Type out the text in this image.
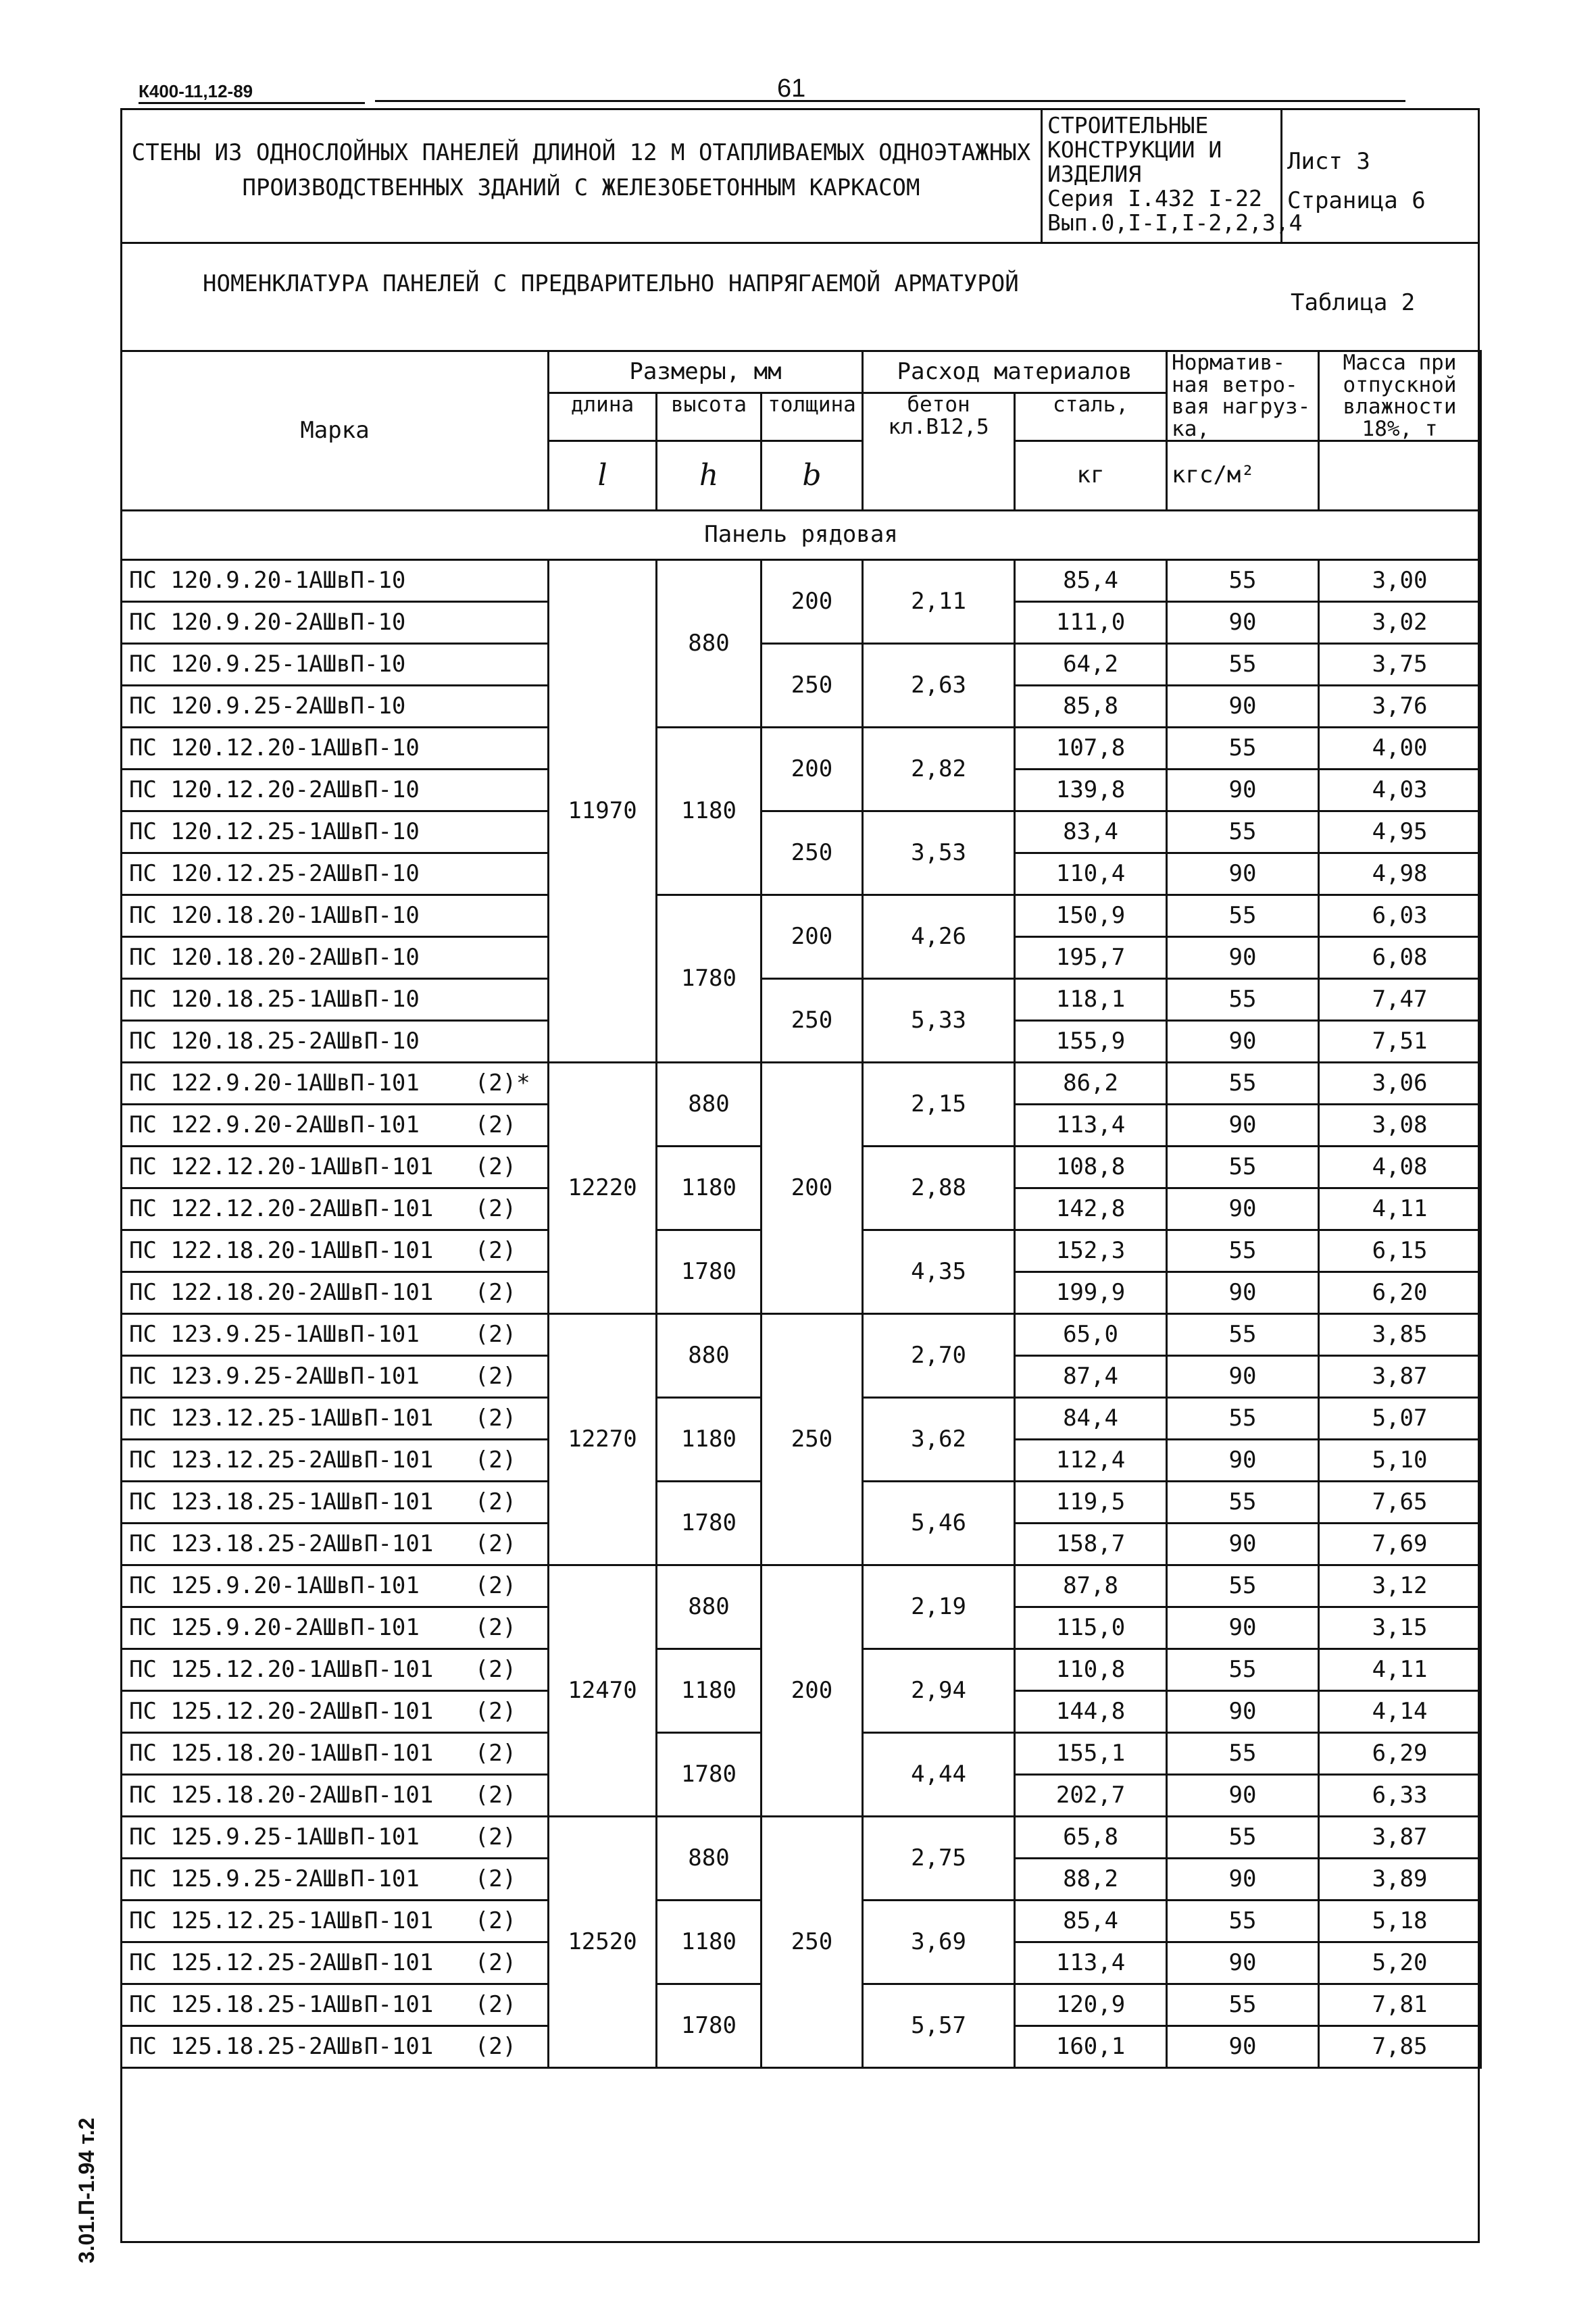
К400-11,12-89	61
СТЕНЫ ИЗ ОДНОСЛОЙНЫХ ПАНЕЛЕЙ ДЛИНОЙ 12 М ОТАПЛИВАЕМЫХ ОДНОЭТАЖНЫХ
ПРОИЗВОДСТВЕННЫХ ЗДАНИЙ С ЖЕЛЕЗОБЕТОННЫМ КАРКАСОМ
СТРОИТЕЛЬНЫЕ
КОНСТРУКЦИИ И
ИЗДЕЛИЯ
Серия I.432 I-22
Вып.0,I-I,I-2,2,3,4
Лист 3
Страница 6
НОМЕНКЛАТУРА ПАНЕЛЕЙ С ПРЕДВАРИТЕЛЬНО НАПРЯГАЕМОЙ АРМАТУРОЙ
Таблица 2
Марка	Размеры, мм			Расход материалов		Норматив-ная ветро-вая нагруз-ка,	Масса при отпускной влажности
18%, т
	длина	высота	толщина	бетон кл.В12,5	сталь,		
	l	h	b		кг	кгс/м²	
Панель рядовая							
ПС 120.9.20-1АШвП-10	11970	880	200	2,11	85,4	55	3,00
ПС 120.9.20-2АШвП-10					111,0	90	3,02
ПС 120.9.25-1АШвП-10			250	2,63	64,2	55	3,75
ПС 120.9.25-2АШвП-10					85,8	90	3,76
ПС 120.12.20-1АШвП-10		1180	200	2,82	107,8	55	4,00
ПС 120.12.20-2АШвП-10					139,8	90	4,03
ПС 120.12.25-1АШвП-10			250	3,53	83,4	55	4,95
ПС 120.12.25-2АШвП-10					110,4	90	4,98
ПС 120.18.20-1АШвП-10		1780	200	4,26	150,9	55	6,03
ПС 120.18.20-2АШвП-10					195,7	90	6,08
ПС 120.18.25-1АШвП-10			250	5,33	118,1	55	7,47
ПС 120.18.25-2АШвП-10					155,9	90	7,51
ПС 122.9.20-1АШвП-101    (2)*	12220	880	200	2,15	86,2	55	3,06
ПС 122.9.20-2АШвП-101    (2)					113,4	90	3,08
ПС 122.12.20-1АШвП-101   (2)		1180		2,88	108,8	55	4,08
ПС 122.12.20-2АШвП-101   (2)					142,8	90	4,11
ПС 122.18.20-1АШвП-101   (2)		1780		4,35	152,3	55	6,15
ПС 122.18.20-2АШвП-101   (2)					199,9	90	6,20
ПС 123.9.25-1АШвП-101    (2)	12270	880	250	2,70	65,0	55	3,85
ПС 123.9.25-2АШвП-101    (2)					87,4	90	3,87
ПС 123.12.25-1АШвП-101   (2)		1180		3,62	84,4	55	5,07
ПС 123.12.25-2АШвП-101   (2)					112,4	90	5,10
ПС 123.18.25-1АШвП-101   (2)		1780		5,46	119,5	55	7,65
ПС 123.18.25-2АШвП-101   (2)					158,7	90	7,69
ПС 125.9.20-1АШвП-101    (2)	12470	880	200	2,19	87,8	55	3,12
ПС 125.9.20-2АШвП-101    (2)					115,0	90	3,15
ПС 125.12.20-1АШвП-101   (2)		1180		2,94	110,8	55	4,11
ПС 125.12.20-2АШвП-101   (2)					144,8	90	4,14
ПС 125.18.20-1АШвП-101   (2)		1780		4,44	155,1	55	6,29
ПС 125.18.20-2АШвП-101   (2)					202,7	90	6,33
ПС 125.9.25-1АШвП-101    (2)	12520	880	250	2,75	65,8	55	3,87
ПС 125.9.25-2АШвП-101    (2)					88,2	90	3,89
ПС 125.12.25-1АШвП-101   (2)		1180		3,69	85,4	55	5,18
ПС 125.12.25-2АШвП-101   (2)					113,4	90	5,20
ПС 125.18.25-1АШвП-101   (2)		1780		5,57	120,9	55	7,81
ПС 125.18.25-2АШвП-101   (2)					160,1	90	7,85
3.01.П-1.94 т.2
